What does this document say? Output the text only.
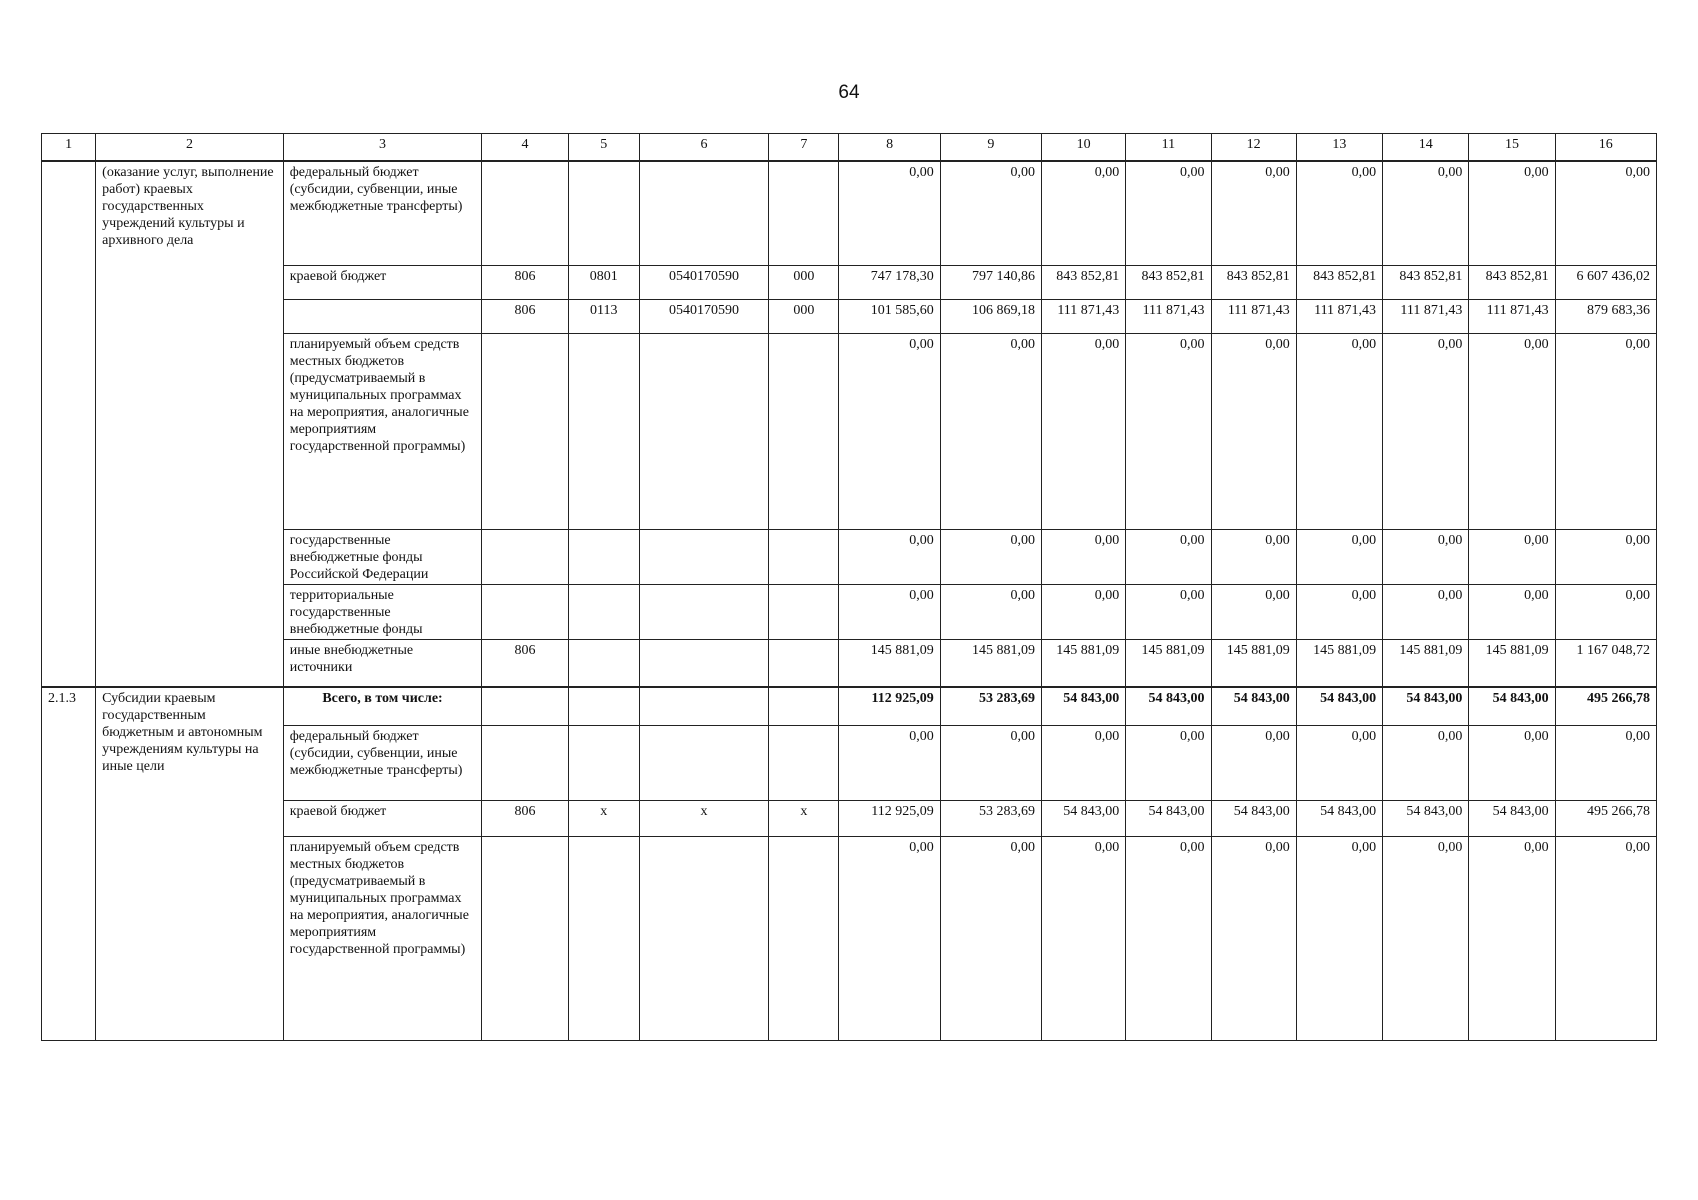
64
1	2	3	4	5	6	7	8	9	10	11	12	13	14	15	16
	(оказание услуг, выполнение работ) краевых государственных учреждений культуры и архивного дела	федеральный бюджет (субсидии, субвенции, иные межбюджетные трансферты)					0,00	0,00	0,00	0,00	0,00	0,00	0,00	0,00	0,00
		краевой бюджет	806	0801	0540170590	000	747 178,30	797 140,86	843 852,81	843 852,81	843 852,81	843 852,81	843 852,81	843 852,81	6 607 436,02
			806	0113	0540170590	000	101 585,60	106 869,18	111 871,43	111 871,43	111 871,43	111 871,43	111 871,43	111 871,43	879 683,36
		планируемый объем средств местных бюджетов (предусматриваемый в муниципальных программах на мероприятия, аналогичные мероприятиям государственной программы)					0,00	0,00	0,00	0,00	0,00	0,00	0,00	0,00	0,00
		государственные внебюджетные фонды Российской Федерации					0,00	0,00	0,00	0,00	0,00	0,00	0,00	0,00	0,00
		территориальные государственные внебюджетные фонды					0,00	0,00	0,00	0,00	0,00	0,00	0,00	0,00	0,00
		иные внебюджетные источники	806				145 881,09	145 881,09	145 881,09	145 881,09	145 881,09	145 881,09	145 881,09	145 881,09	1 167 048,72
2.1.3	Субсидии краевым государственным бюджетным и автономным учреждениям культуры на иные цели	Всего, в том числе:					112 925,09	53 283,69	54 843,00	54 843,00	54 843,00	54 843,00	54 843,00	54 843,00	495 266,78
		федеральный бюджет (субсидии, субвенции, иные межбюджетные трансферты)					0,00	0,00	0,00	0,00	0,00	0,00	0,00	0,00	0,00
		краевой бюджет	806	х	х	х	112 925,09	53 283,69	54 843,00	54 843,00	54 843,00	54 843,00	54 843,00	54 843,00	495 266,78
		планируемый объем средств местных бюджетов (предусматриваемый в муниципальных программах на мероприятия, аналогичные мероприятиям государственной программы)					0,00	0,00	0,00	0,00	0,00	0,00	0,00	0,00	0,00
